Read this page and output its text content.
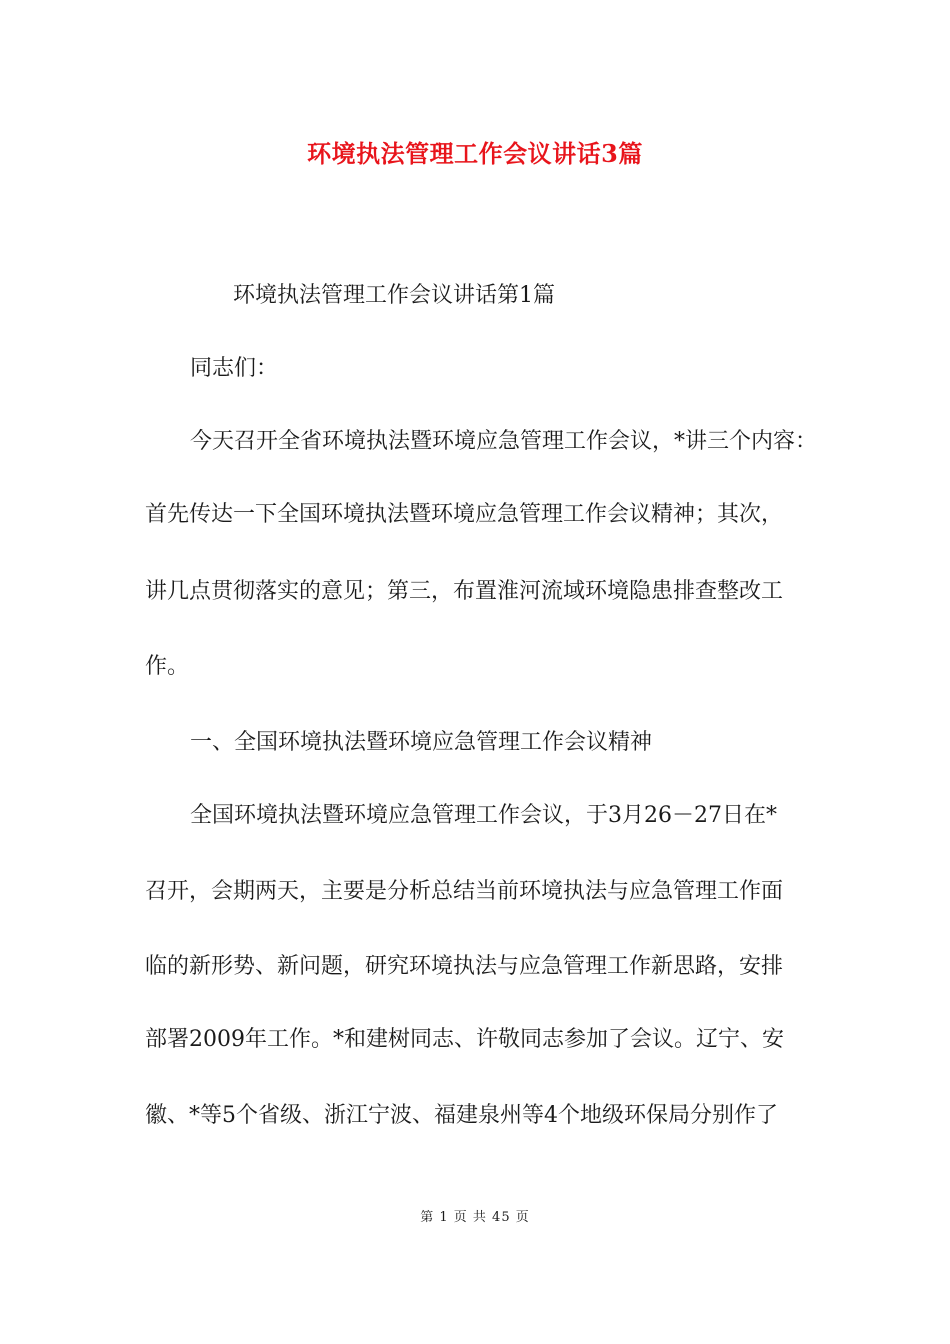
环境执法管理工作会议讲话3篇
环境执法管理工作会议讲话第1篇
同志们：
今天召开全省环境执法暨环境应急管理工作会议，*讲三个内容：
首先传达一下全国环境执法暨环境应急管理工作会议精神；其次，
讲几点贯彻落实的意见；第三，布置淮河流域环境隐患排查整改工
作。
一、全国环境执法暨环境应急管理工作会议精神
全国环境执法暨环境应急管理工作会议，于3月26－27日在*
召开，会期两天，主要是分析总结当前环境执法与应急管理工作面
临的新形势、新问题，研究环境执法与应急管理工作新思路，安排
部署2009年工作。*和建树同志、许敬同志参加了会议。辽宁、安
徽、*等5个省级、浙江宁波、福建泉州等4个地级环保局分别作了
第 1 页 共 45 页
